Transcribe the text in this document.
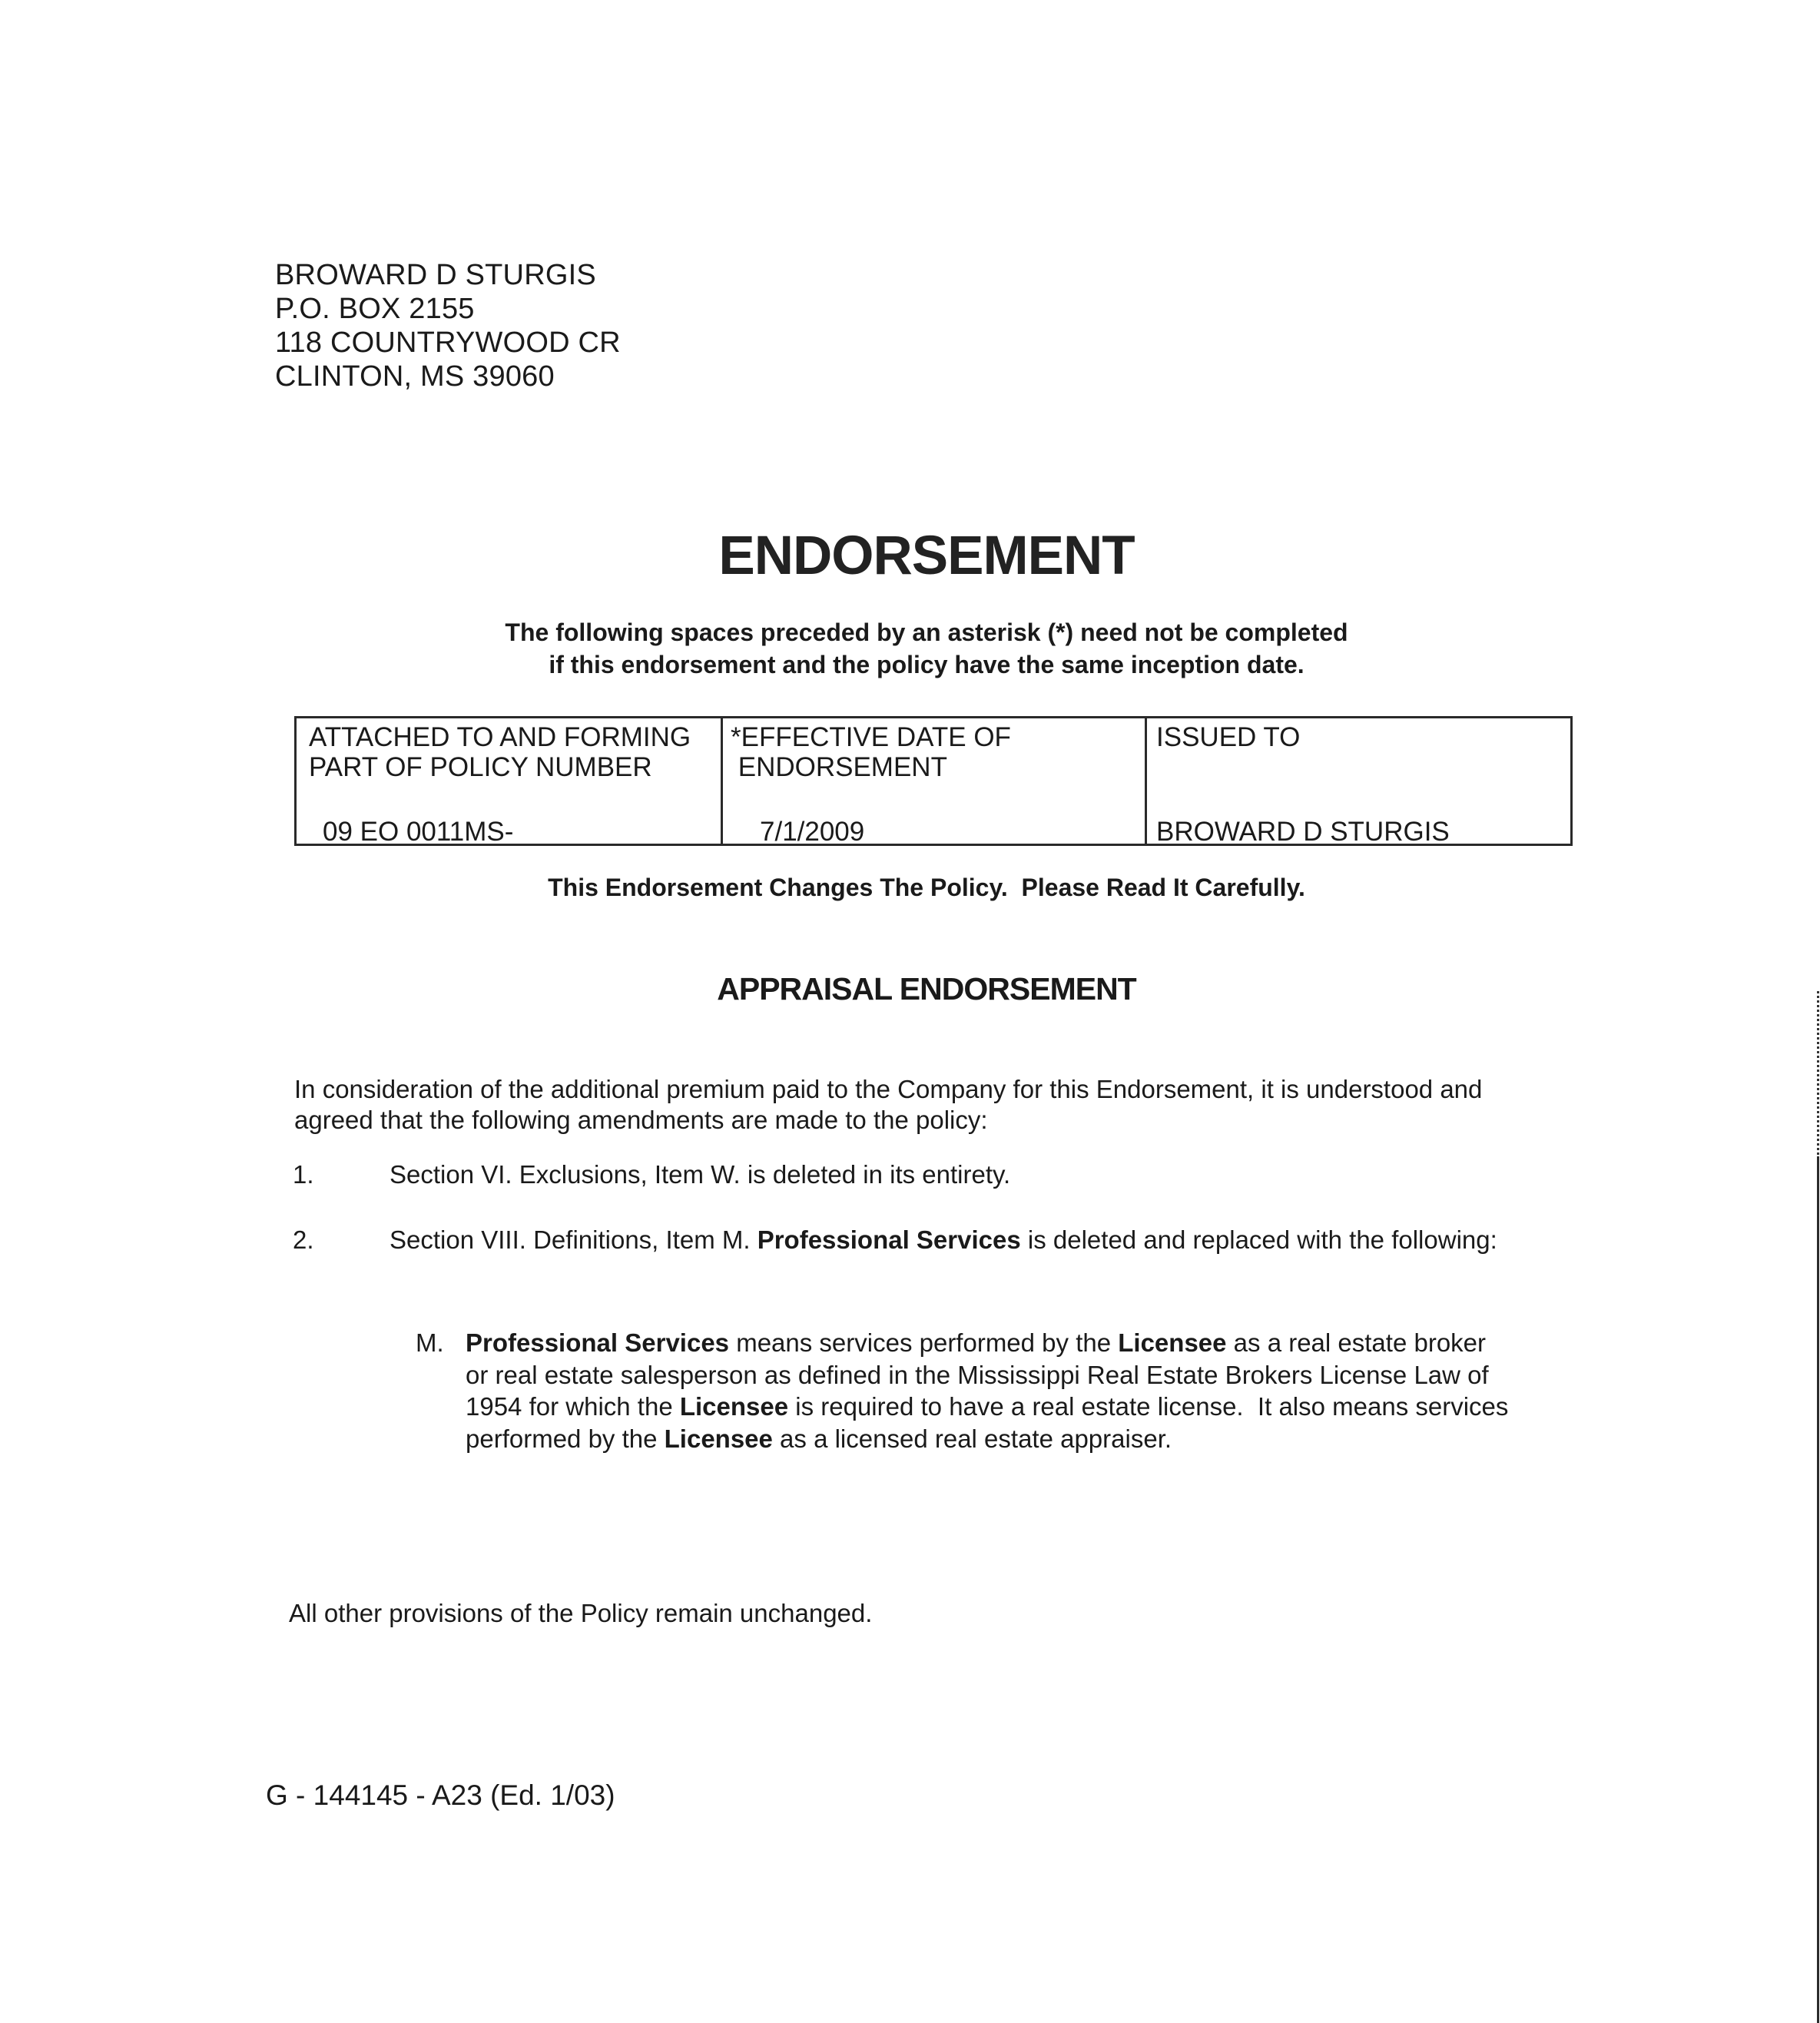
BROWARD D STURGIS
P.O. BOX 2155
118 COUNTRYWOOD CR
CLINTON, MS 39060
ENDORSEMENT
The following spaces preceded by an asterisk (*) need not be completed
if this endorsement and the policy have the same inception date.
ATTACHED TO AND FORMING
PART OF POLICY NUMBER
09 EO 0011MS-

*EFFECTIVE DATE OF
ENDORSEMENT
7/1/2009

ISSUED TO
BROWARD D STURGIS
This Endorsement Changes The Policy.  Please Read It Carefully.
APPRAISAL ENDORSEMENT
In consideration of the additional premium paid to the Company for this Endorsement, it is understood and
agreed that the following amendments are made to the policy:
1.	Section VI. Exclusions, Item W. is deleted in its entirety.
2.	Section VIII. Definitions, Item M. Professional Services is deleted and replaced with the following:
M. Professional Services means services performed by the Licensee as a real estate broker
or real estate salesperson as defined in the Mississippi Real Estate Brokers License Law of
1954 for which the Licensee is required to have a real estate license.  It also means services
performed by the Licensee as a licensed real estate appraiser.
All other provisions of the Policy remain unchanged.
G - 144145 - A23 (Ed. 1/03)
